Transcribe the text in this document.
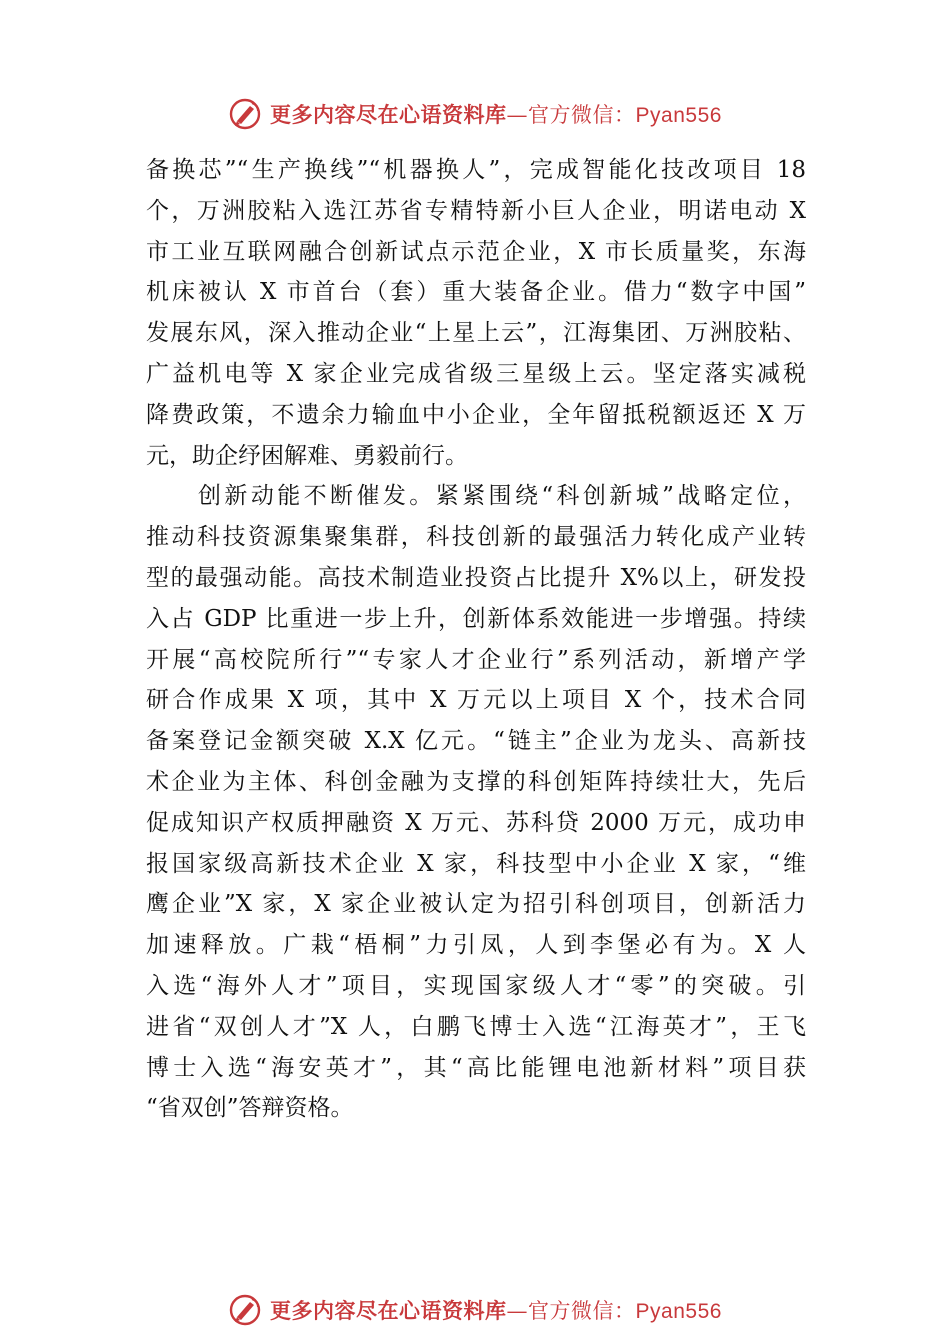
更多内容尽在心语资料库—官方微信：Pyan556
备换芯”“生产换线”“机器换人”，完成智能化技改项目 18
个，万洲胶粘入选江苏省专精特新小巨人企业，明诺电动 X
市工业互联网融合创新试点示范企业，X 市长质量奖，东海
机床被认 X 市首台（套）重大装备企业。借力“数字中国”
发展东风，深入推动企业“上星上云”，江海集团、万洲胶粘、
广益机电等 X 家企业完成省级三星级上云。坚定落实减税
降费政策，不遗余力输血中小企业，全年留抵税额返还 X 万
元，助企纾困解难、勇毅前行。
创新动能不断催发。紧紧围绕“科创新城”战略定位，
推动科技资源集聚集群，科技创新的最强活力转化成产业转
型的最强动能。高技术制造业投资占比提升 X%以上，研发投
入占 GDP 比重进一步上升，创新体系效能进一步增强。持续
开展“高校院所行”“专家人才企业行”系列活动，新增产学
研合作成果 X 项，其中 X 万元以上项目 X 个，技术合同
备案登记金额突破 X.X 亿元。“链主”企业为龙头、高新技
术企业为主体、科创金融为支撑的科创矩阵持续壮大，先后
促成知识产权质押融资 X 万元、苏科贷 2000 万元，成功申
报国家级高新技术企业 X 家，科技型中小企业 X 家，“维
鹰企业”X 家，X 家企业被认定为招引科创项目，创新活力
加速释放。广栽“梧桐”力引凤，人到李堡必有为。X 人
入选“海外人才”项目，实现国家级人才“零”的突破。引
进省“双创人才”X 人，白鹏飞博士入选“江海英才”，王飞
博士入选“海安英才”，其“高比能锂电池新材料”项目获
“省双创”答辩资格。
更多内容尽在心语资料库—官方微信：Pyan556
